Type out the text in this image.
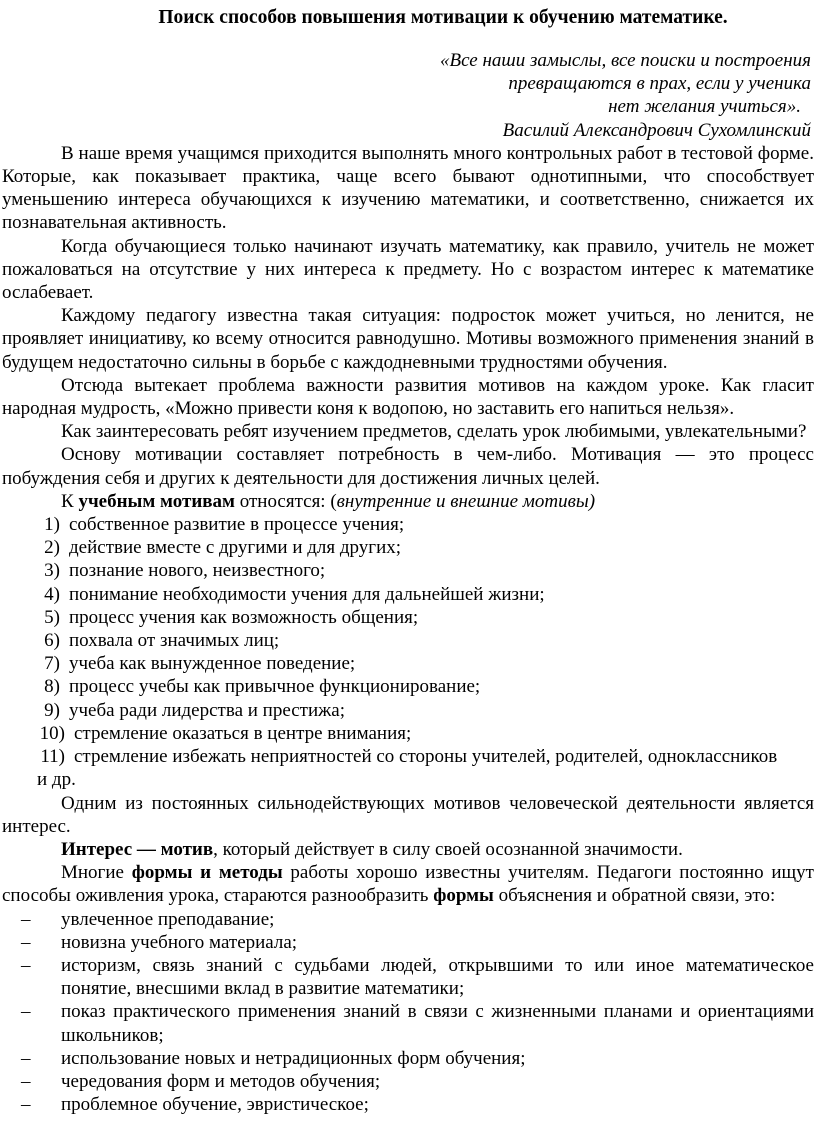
Поиск способов повышения мотивации к обучению математике.
«Все наши замыслы, все поиски и построения
превращаются в прах, если у ученика
нет желания учиться».
Василий Александрович Сухомлинский

В наше время учащимся приходится выполнять много контрольных работ в тестовой форме. Которые, как показывает практика, чаще всего бывают однотипными, что способствует уменьшению интереса обучающихся к изучению математики, и соответственно, снижается их познавательная активность.

Когда обучающиеся только начинают изучать математику, как правило, учитель не может пожаловаться на отсутствие у них интереса к предмету. Но с возрастом интерес к математике ослабевает.

Каждому педагогу известна такая ситуация: подросток может учиться, но ленится, не проявляет инициативу, ко всему относится равнодушно. Мотивы возможного применения знаний в будущем недостаточно сильны в борьбе с каждодневными трудностями обучения.

Отсюда вытекает проблема важности развития мотивов на каждом уроке. Как гласит народная мудрость, «Можно привести коня к водопою, но заставить его напиться нельзя».

Как заинтересовать ребят изучением предметов, сделать урок любимыми, увлекательными?

Основу мотивации составляет потребность в чем-либо. Мотивация — это процесс побуждения себя и других к деятельности для достижения личных целей.

К учебным мотивам относятся: (внутренние и внешние мотивы)

1) собственное развитие в процессе учения;
2) действие вместе с другими и для других;
3) познание нового, неизвестного;
4) понимание необходимости учения для дальнейшей жизни;
5) процесс учения как возможность общения;
6) похвала от значимых лиц;
7) учеба как вынужденное поведение;
8) процесс учебы как привычное функционирование;
9) учеба ради лидерства и престижа;
10) стремление оказаться в центре внимания;
11) стремление избежать неприятностей со стороны учителей, родителей, одноклассников
и др.

Одним из постоянных сильнодействующих мотивов человеческой деятельности является интерес.

Интерес — мотив, который действует в силу своей осознанной значимости.

Многие формы и методы работы хорошо известны учителям. Педагоги постоянно ищут способы оживления урока, стараются разнообразить формы объяснения и обратной связи, это:

– увлеченное преподавание;
– новизна учебного материала;
– историзм, связь знаний с судьбами людей, открывшими то или иное математическое понятие, внесшими вклад в развитие математики;
– показ практического применения знаний в связи с жизненными планами и ориентациями школьников;
– использование новых и нетрадиционных форм обучения;
– чередования форм и методов обучения;
– проблемное обучение, эвристическое;
